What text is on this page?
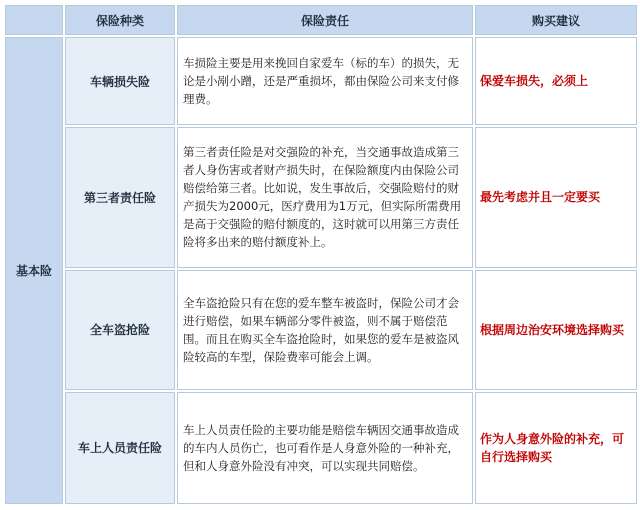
	保险种类	保险责任	购买建议
基本险	车辆损失险	车损险主要是用来挽回自家爱车（标的车）的损失，无论是小剐小蹭，还是严重损坏，都由保险公司来支付修理费。	保爱车损失，必须上
	第三者责任险	第三者责任险是对交强险的补充，当交通事故造成第三者人身伤害或者财产损失时，在保险额度内由保险公司赔偿给第三者。比如说，发生事故后，交强险赔付的财产损失为2000元，医疗费用为1万元，但实际所需费用是高于交强险的赔付额度的，这时就可以用第三方责任险将多出来的赔付额度补上。	最先考虑并且一定要买
	全车盗抢险	全车盗抢险只有在您的爱车整车被盗时，保险公司才会进行赔偿，如果车辆部分零件被盗，则不属于赔偿范围。而且在购买全车盗抢险时，如果您的爱车是被盗风险较高的车型，保险费率可能会上调。	根据周边治安环境选择购买
	车上人员责任险	车上人员责任险的主要功能是赔偿车辆因交通事故造成的车内人员伤亡，也可看作是人身意外险的一种补充，但和人身意外险没有冲突，可以实现共同赔偿。	作为人身意外险的补充，可自行选择购买
